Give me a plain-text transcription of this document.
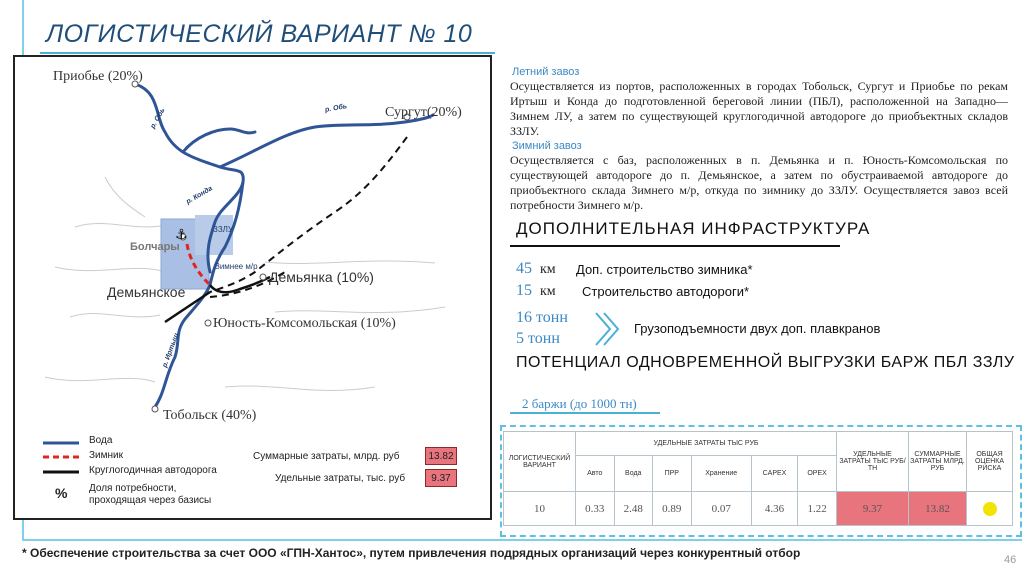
ЛОГИСТИЧЕСКИЙ ВАРИАНТ № 10
⚓
Приобье (20%)
Сургут(20%)
Болчары
ЗЗЛУ
Зимнее м/р
Демьянка (10%)
Демьянское
Юность-Комсомольская (10%)
Тобольск (40%)
р. Обь
р. Обь
р. Конда
р. Иртыш
Вода
Зимник
Круглогодичная автодорога
% Доля потребности,
проходящая через базисы
Суммарные затраты, млрд. руб	13.82
Удельные затраты, тыс. руб	9.37
Летний завоз
Осуществляется из портов, расположенных в городах Тобольск, Сургут и Приобье по рекам Иртыш и Конда до подготовленной береговой линии (ПБЛ), расположенной на Западно—Зимнем ЛУ, а затем по существующей круглогодичной автодороге до приобъектных складов ЗЗЛУ.
Зимний завоз
Осуществляется с баз, расположенных в п. Демьянка и п. Юность-Комсомольская по существующей автодороге до п. Демьянское, а затем по обустраиваемой автодороге до приобъектного склада Зимнего м/р, откуда по зимнику до ЗЗЛУ. Осуществляется завоз всей потребности Зимнего м/р.
ДОПОЛНИТЕЛЬНАЯ ИНФРАСТРУКТУРА
45 км Доп. строительство зимника*
15 км Строительство автодороги*
16 тонн
5 тонн
Грузоподъемности двух доп. плавкранов
ПОТЕНЦИАЛ ОДНОВРЕМЕННОЙ ВЫГРУЗКИ БАРЖ ПБЛ ЗЗЛУ
2 баржи (до 1000 тн)
ЛОГИСТИЧЕСКИЙ ВАРИАНТ	УДЕЛЬНЫЕ ЗАТРАТЫ ТЫС РУБ						УДЕЛЬНЫЕ ЗАТРАТЫ ТЫС РУБ/ТН	СУММАРНЫЕ ЗАТРАТЫ МЛРД. РУБ	ОБЩАЯ ОЦЕНКА РИСКА
	Авто	Вода	ПРР	Хранение	CAPEX	OPEX			
10	0.33	2.48	0.89	0.07	4.36	1.22	9.37	13.82	
* Обеспечение строительства за счет ООО «ГПН-Хантос», путем привлечения подрядных организаций через конкурентный отбор	46
